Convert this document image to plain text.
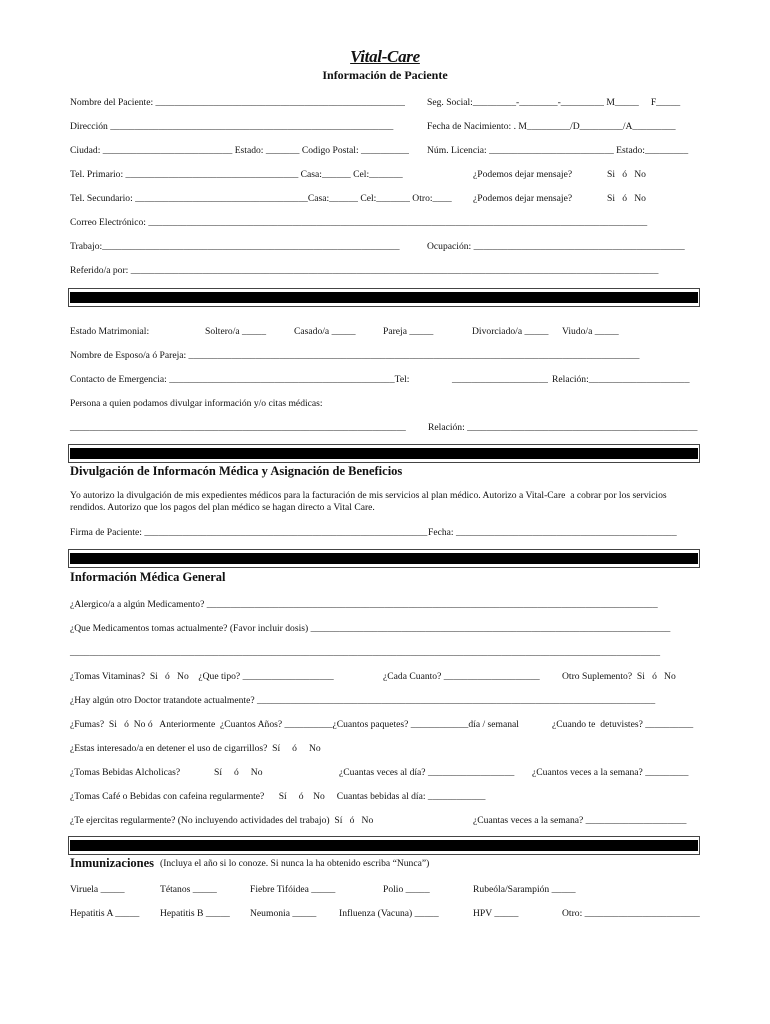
Vital-Care
Información de Paciente
Nombre del Paciente: ____________________________________________________ Seg. Social:_________-________-_________ M_____     F_____
Dirección ___________________________________________________________	Fecha de Nacimiento: . M_________/D_________/A_________
Ciudad: ___________________________ Estado: _______ Codigo Postal: __________ Núm. Licencia: __________________________ Estado:_________
Tel. Primario: ____________________________________ Casa:______ Cel:_______	¿Podemos dejar mensaje?	Si   ó   No
Tel. Secundario: ____________________________________Casa:______ Cel:_______ Otro:____ ¿Podemos dejar mensaje?	Si   ó   No
Correo Electrónico: ________________________________________________________________________________________________________
Trabajo:______________________________________________________________	Ocupación: ____________________________________________
Referido/a por: ______________________________________________________________________________________________________________
Estado Matrimonial:	Soltero/a _____	Casado/a _____	Pareja _____	Divorciado/a _____ Viudo/a _____
Nombre de Esposo/a ó Pareja: ______________________________________________________________________________________________
Contacto de Emergencia: _______________________________________________Tel:	____________________ Relación:_____________________
Persona a quien podamos divulgar información y/o citas médicas:
______________________________________________________________________ Relación: ________________________________________________
Divulgación de Informacón Médica y Asignación de Beneficios
Yo autorizo la divulgación de mis expedientes médicos para la facturación de mis servicios al plan médico. Autorizo a Vital-Care  a cobrar por los servicios
rendidos. Autorizo que los pagos del plan médico se hagan directo a Vital Care.
Firma de Paciente: ___________________________________________________________ Fecha: ______________________________________________
Información Médica General
¿Alergico/a a algún Medicamento? ______________________________________________________________________________________________
¿Que Medicamentos tomas actualmente? (Favor incluir dosis) ___________________________________________________________________________
___________________________________________________________________________________________________________________________
¿Tomas Vitaminas?  Si   ó   No    ¿Que tipo? ___________________	¿Cada Cuanto? ____________________ Otro Suplemento?  Si   ó   No
¿Hay algún otro Doctor tratandote actualmente? ___________________________________________________________________________________
¿Fumas?  Si   ó  No ó   Anteriormente  ¿Cuantos Años? __________¿Cuantos paquetes? ____________día / semanal	¿Cuando te  detuvistes? __________
¿Estas interesado/a en detener el uso de cigarrillos?  Sí     ó     No
¿Tomas Bebidas Alcholicas?	Sí     ó     No	¿Cuantas veces al día? __________________ ¿Cuantos veces a la semana? _________
¿Tomas Café o Bebidas con cafeina regularmente?      Sí     ó    No     Cuantas bebidas al día: ____________
¿Te ejercitas regularmente? (No incluyendo actividades del trabajo)  Sí   ó   No	¿Cuantas veces a la semana? _____________________
Inmunizaciones (Incluya el año si lo conoze. Si nunca la ha obtenido escriba “Nunca”)
Viruela _____	Tétanos _____	Fiebre Tifóidea _____	Polio _____	Rubeóla/Sarampión _____
Hepatitis A _____ Hepatitis B _____ Neumonia _____ Influenza (Vacuna) _____	HPV _____	Otro: ________________________
